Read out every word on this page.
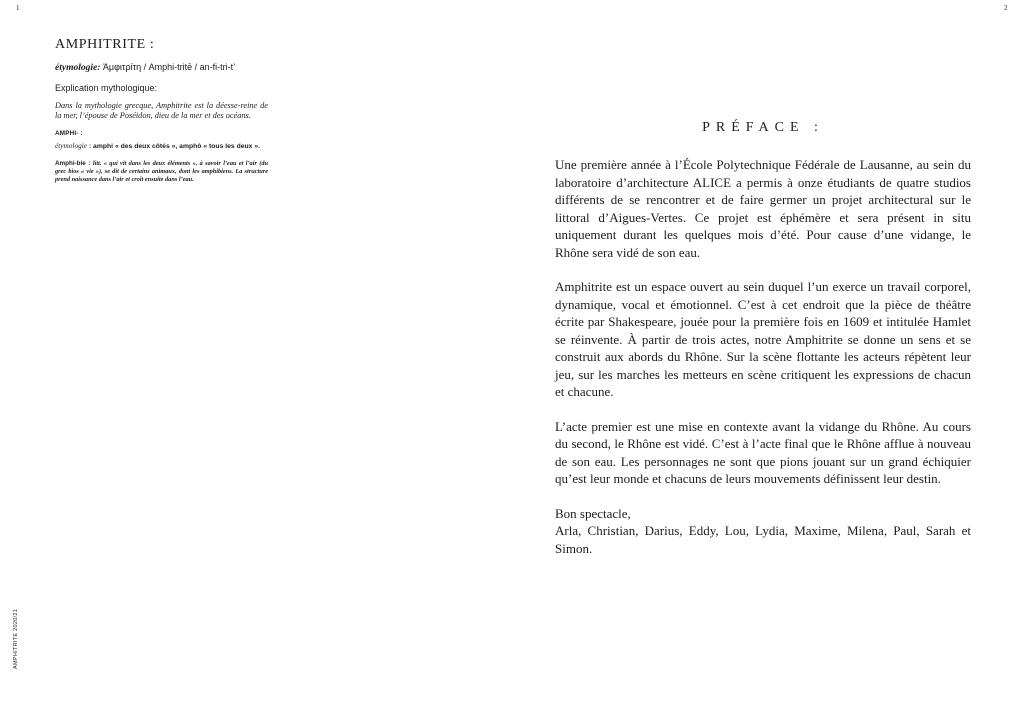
1	2
AMPHITRITE :

étymologie: Ἀμφιτρίτη / Amphi-tritē / an-fi-tri-t’

Explication mythologique:

Dans la mythologie grecque, Amphitrite est la déesse-reine de la mer, l’épouse de Poséidon, dieu de la mer et des océans.

AMPHI- :

étymologie : amphi « des deux côtés », amphô « tous les deux ».

Amphi-bie : litt. « qui vit dans les deux éléments », à savoir l’eau et l’air (du grec bios « vie »), se dit de certains animaux, dont les amphibiens. La structure prend naissance dans l’air et croît ensuite dans l’eau.

AMPHITRITE 2020/21
PRÉFACE :

Une première année à l’École Polytechnique Fédérale de Lausanne, au sein du laboratoire d’architecture ALICE a permis à onze étudiants de quatre studios différents de se rencontrer et de faire germer un projet architectural sur le littoral d’Aigues-Vertes. Ce projet est éphémère et sera présent in situ uniquement durant les quelques mois d’été. Pour cause d’une vidange, le Rhône sera vidé de son eau.

Amphitrite est un espace ouvert au sein duquel l’un exerce un travail corporel, dynamique, vocal et émotionnel. C’est à cet endroit que la pièce de théâtre écrite par Shakespeare, jouée pour la première fois en 1609 et intitulée Hamlet se réinvente. À partir de trois actes, notre Amphitrite se donne un sens et se construit aux abords du Rhône. Sur la scène flottante les acteurs répètent leur jeu, sur les marches les metteurs en scène critiquent les expressions de chacun et chacune.

L’acte premier est une mise en contexte avant la vidange du Rhône. Au cours du second, le Rhône est vidé. C’est à l’acte final que le Rhône afflue à nouveau de son eau. Les personnages ne sont que pions jouant sur un grand échiquier qu’est leur monde et chacuns de leurs mouvements définissent leur destin.

Bon spectacle,
Arla, Christian, Darius, Eddy, Lou, Lydia, Maxime, Milena, Paul, Sarah et Simon.
